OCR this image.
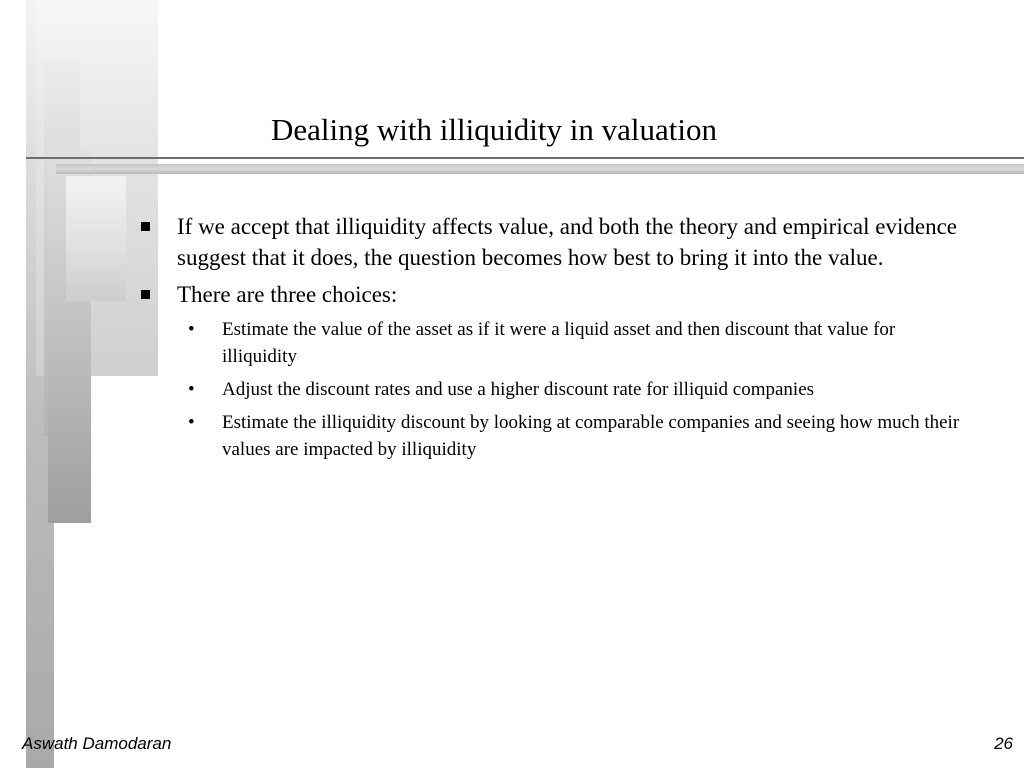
Dealing with illiquidity in valuation
If we accept that illiquidity affects value, and both the theory and empirical evidence suggest that it does, the question becomes how best to bring it into the value.
There are three choices:
• Estimate the value of the asset as if it were a liquid asset and then discount that value for illiquidity
• Adjust the discount rates and use a higher discount rate for illiquid companies
• Estimate the illiquidity discount by looking at comparable companies and seeing how much their values are impacted by illiquidity
Aswath Damodaran	26
